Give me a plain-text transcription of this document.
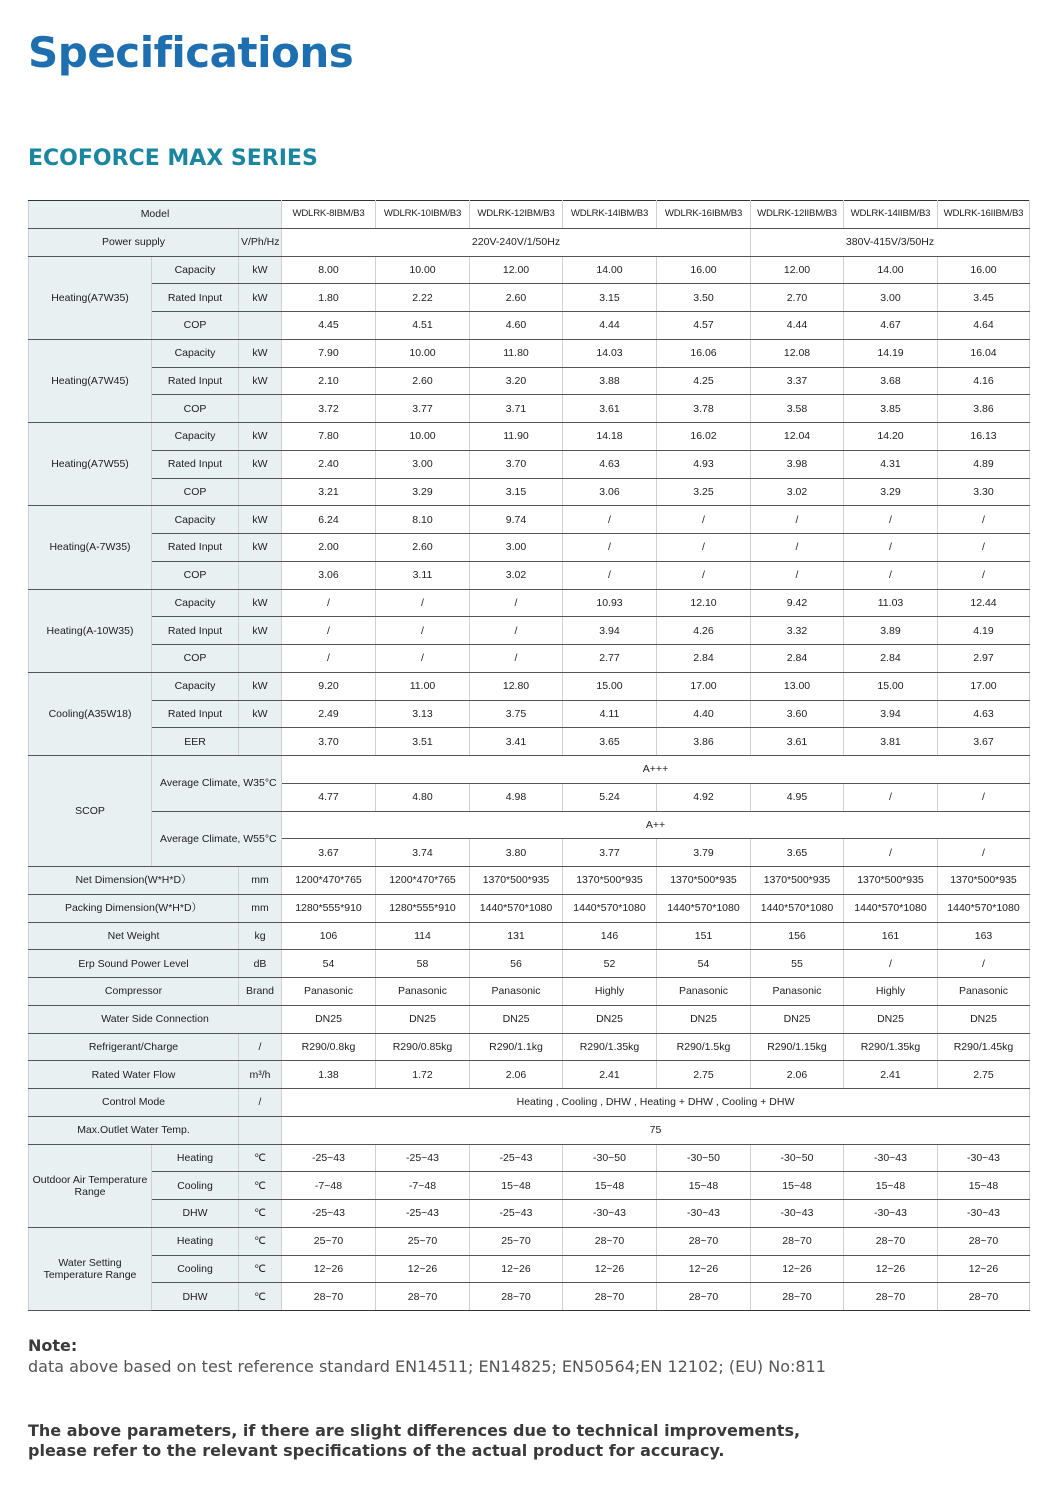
Specifications
ECOFORCE MAX SERIES
Model			WDLRK-8IBM/B3	WDLRK-10IBM/B3	WDLRK-12IBM/B3	WDLRK-14IBM/B3	WDLRK-16IBM/B3	WDLRK-12IIBM/B3	WDLRK-14IIBM/B3	WDLRK-16IIBM/B3
Power supply		V/Ph/Hz	220V-240V/1/50Hz					380V-415V/3/50Hz		
Heating(A7W35)	Capacity	kW	8.00	10.00	12.00	14.00	16.00	12.00	14.00	16.00
	Rated Input	kW	1.80	2.22	2.60	3.15	3.50	2.70	3.00	3.45
	COP		4.45	4.51	4.60	4.44	4.57	4.44	4.67	4.64
Heating(A7W45)	Capacity	kW	7.90	10.00	11.80	14.03	16.06	12.08	14.19	16.04
	Rated Input	kW	2.10	2.60	3.20	3.88	4.25	3.37	3.68	4.16
	COP		3.72	3.77	3.71	3.61	3.78	3.58	3.85	3.86
Heating(A7W55)	Capacity	kW	7.80	10.00	11.90	14.18	16.02	12.04	14.20	16.13
	Rated Input	kW	2.40	3.00	3.70	4.63	4.93	3.98	4.31	4.89
	COP		3.21	3.29	3.15	3.06	3.25	3.02	3.29	3.30
Heating(A-7W35)	Capacity	kW	6.24	8.10	9.74	/	/	/	/	/
	Rated Input	kW	2.00	2.60	3.00	/	/	/	/	/
	COP		3.06	3.11	3.02	/	/	/	/	/
Heating(A-10W35)	Capacity	kW	/	/	/	10.93	12.10	9.42	11.03	12.44
	Rated Input	kW	/	/	/	3.94	4.26	3.32	3.89	4.19
	COP		/	/	/	2.77	2.84	2.84	2.84	2.97
Cooling(A35W18)	Capacity	kW	9.20	11.00	12.80	15.00	17.00	13.00	15.00	17.00
	Rated Input	kW	2.49	3.13	3.75	4.11	4.40	3.60	3.94	4.63
	EER		3.70	3.51	3.41	3.65	3.86	3.61	3.81	3.67
SCOP	Average Climate, W35°C		A+++							
			4.77	4.80	4.98	5.24	4.92	4.95	/	/
	Average Climate, W55°C		A++							
			3.67	3.74	3.80	3.77	3.79	3.65	/	/
Net Dimension(W*H*D）		mm	1200*470*765	1200*470*765	1370*500*935	1370*500*935	1370*500*935	1370*500*935	1370*500*935	1370*500*935
Packing Dimension(W*H*D）		mm	1280*555*910	1280*555*910	1440*570*1080	1440*570*1080	1440*570*1080	1440*570*1080	1440*570*1080	1440*570*1080
Net Weight		kg	106	114	131	146	151	156	161	163
Erp Sound Power Level		dB	54	58	56	52	54	55	/	/
Compressor		Brand	Panasonic	Panasonic	Panasonic	Highly	Panasonic	Panasonic	Highly	Panasonic
Water Side Connection			DN25	DN25	DN25	DN25	DN25	DN25	DN25	DN25
Refrigerant/Charge		/	R290/0.8kg	R290/0.85kg	R290/1.1kg	R290/1.35kg	R290/1.5kg	R290/1.15kg	R290/1.35kg	R290/1.45kg
Rated Water Flow		m³/h	1.38	1.72	2.06	2.41	2.75	2.06	2.41	2.75
Control Mode		/	Heating , Cooling , DHW , Heating + DHW , Cooling + DHW							
Max.Outlet Water Temp.			75							
Outdoor Air Temperature Range	Heating	℃	-25~43	-25~43	-25~43	-30~50	-30~50	-30~50	-30~43	-30~43
	Cooling	℃	-7~48	-7~48	15~48	15~48	15~48	15~48	15~48	15~48
	DHW	℃	-25~43	-25~43	-25~43	-30~43	-30~43	-30~43	-30~43	-30~43
Water Setting Temperature Range	Heating	℃	25~70	25~70	25~70	28~70	28~70	28~70	28~70	28~70
	Cooling	℃	12~26	12~26	12~26	12~26	12~26	12~26	12~26	12~26
	DHW	℃	28~70	28~70	28~70	28~70	28~70	28~70	28~70	28~70
Note:
data above based on test reference standard EN14511; EN14825; EN50564;EN 12102; (EU) No:811
The above parameters, if there are slight differences due to technical improvements,
please refer to the relevant specifications of the actual product for accuracy.
